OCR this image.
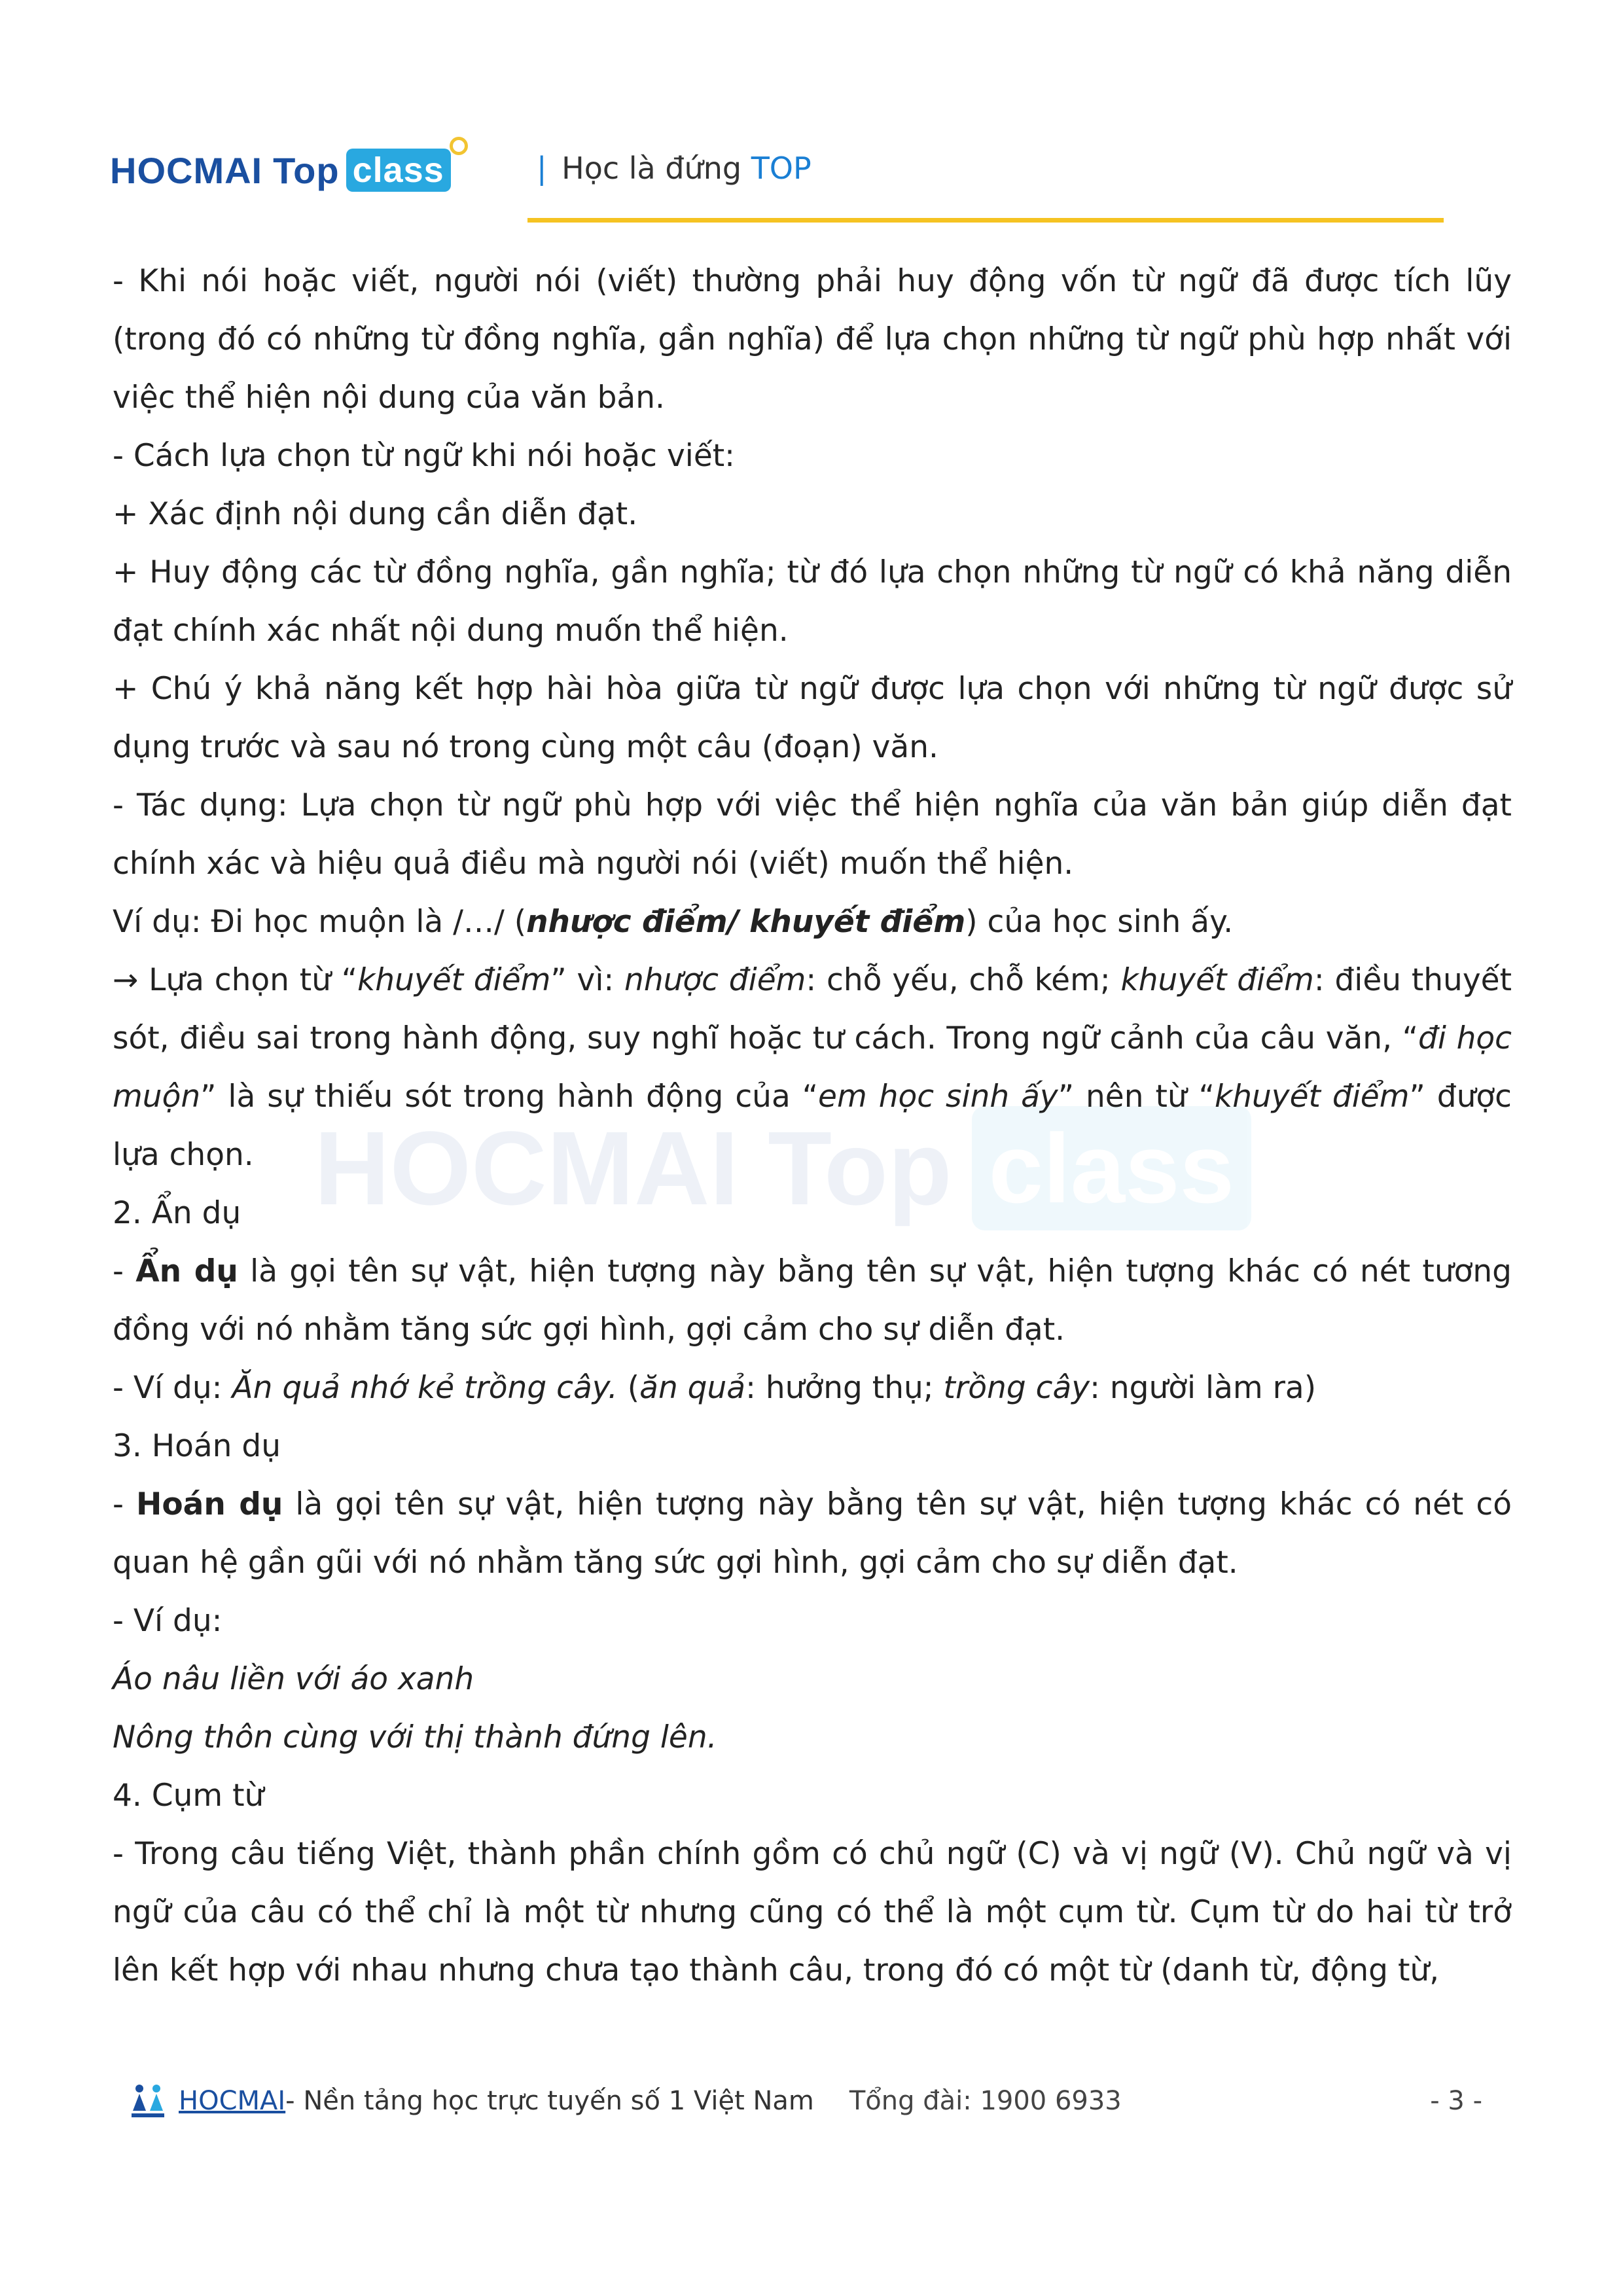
HOCMAI Top class	| Học là đứng TOP
HOCMAI Top class

- Khi nói hoặc viết, người nói (viết) thường phải huy động vốn từ ngữ đã được tích lũy (trong đó có những từ đồng nghĩa, gần nghĩa) để lựa chọn những từ ngữ phù hợp nhất với việc thể hiện nội dung của văn bản.

- Cách lựa chọn từ ngữ khi nói hoặc viết:

+ Xác định nội dung cần diễn đạt.

+ Huy động các từ đồng nghĩa, gần nghĩa; từ đó lựa chọn những từ ngữ có khả năng diễn đạt chính xác nhất nội dung muốn thể hiện.

+ Chú ý khả năng kết hợp hài hòa giữa từ ngữ được lựa chọn với những từ ngữ được sử dụng trước và sau nó trong cùng một câu (đoạn) văn.

- Tác dụng: Lựa chọn từ ngữ phù hợp với việc thể hiện nghĩa của văn bản giúp diễn đạt chính xác và hiệu quả điều mà người nói (viết) muốn thể hiện.

Ví dụ: Đi học muộn là /…/ (nhược điểm/ khuyết điểm) của học sinh ấy.

→ Lựa chọn từ “khuyết điểm” vì: nhược điểm: chỗ yếu, chỗ kém; khuyết điểm: điều thuyết sót, điều sai trong hành động, suy nghĩ hoặc tư cách. Trong ngữ cảnh của câu văn, “đi học muộn” là sự thiếu sót trong hành động của “em học sinh ấy” nên từ “khuyết điểm” được lựa chọn.

2. Ẩn dụ

- Ẩn dụ là gọi tên sự vật, hiện tượng này bằng tên sự vật, hiện tượng khác có nét tương đồng với nó nhằm tăng sức gợi hình, gợi cảm cho sự diễn đạt.

- Ví dụ: Ăn quả nhớ kẻ trồng cây. (ăn quả: hưởng thụ; trồng cây: người làm ra)

3. Hoán dụ

- Hoán dụ là gọi tên sự vật, hiện tượng này bằng tên sự vật, hiện tượng khác có nét có quan hệ gần gũi với nó nhằm tăng sức gợi hình, gợi cảm cho sự diễn đạt.

- Ví dụ:

Áo nâu liền với áo xanh

Nông thôn cùng với thị thành đứng lên.

4. Cụm từ

- Trong câu tiếng Việt, thành phần chính gồm có chủ ngữ (C) và vị ngữ (V). Chủ ngữ và vị ngữ của câu có thể chỉ là một từ nhưng cũng có thể là một cụm từ. Cụm từ do hai từ trở lên kết hợp với nhau nhưng chưa tạo thành câu, trong đó có một từ (danh từ, động từ,

HOCMAI - Nền tảng học trực tuyến số 1 Việt Nam Tổng đài: 1900 6933	- 3 -
